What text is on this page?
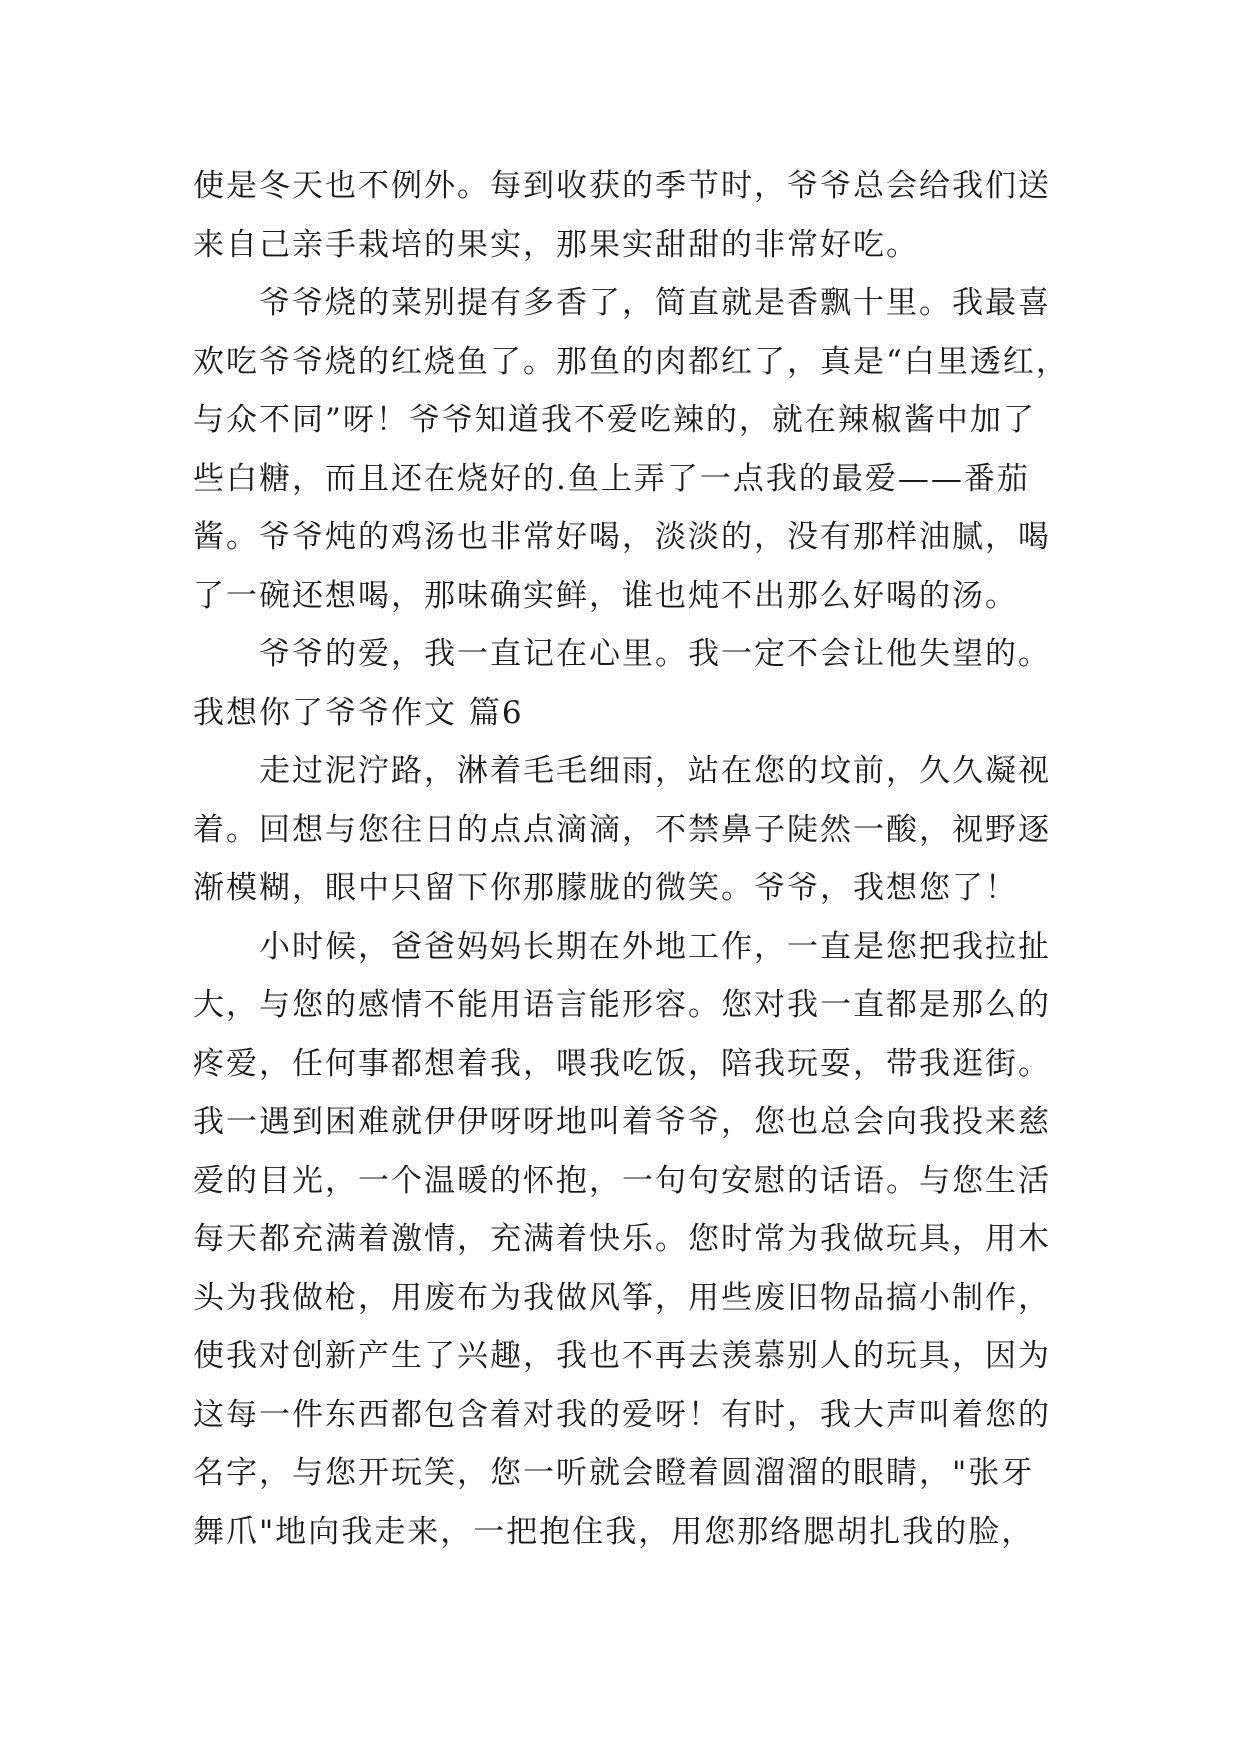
使是冬天也不例外。每到收获的季节时，爷爷总会给我们送
来自己亲手栽培的果实，那果实甜甜的非常好吃。
爷爷烧的菜别提有多香了，简直就是香飘十里。我最喜
欢吃爷爷烧的红烧鱼了。那鱼的肉都红了，真是“白里透红，
与众不同”呀！爷爷知道我不爱吃辣的，就在辣椒酱中加了
些白糖，而且还在烧好的.鱼上弄了一点我的最爱——番茄
酱。爷爷炖的鸡汤也非常好喝，淡淡的，没有那样油腻，喝
了一碗还想喝，那味确实鲜，谁也炖不出那么好喝的汤。
爷爷的爱，我一直记在心里。我一定不会让他失望的。
我想你了爷爷作文 篇6
走过泥泞路，淋着毛毛细雨，站在您的坟前，久久凝视
着。回想与您往日的点点滴滴，不禁鼻子陡然一酸，视野逐
渐模糊，眼中只留下你那朦胧的微笑。爷爷，我想您了！
小时候，爸爸妈妈长期在外地工作，一直是您把我拉扯
大，与您的感情不能用语言能形容。您对我一直都是那么的
疼爱，任何事都想着我，喂我吃饭，陪我玩耍，带我逛街。
我一遇到困难就伊伊呀呀地叫着爷爷，您也总会向我投来慈
爱的目光，一个温暖的怀抱，一句句安慰的话语。与您生活
每天都充满着激情，充满着快乐。您时常为我做玩具，用木
头为我做枪，用废布为我做风筝，用些废旧物品搞小制作，
使我对创新产生了兴趣，我也不再去羡慕别人的玩具，因为
这每一件东西都包含着对我的爱呀！有时，我大声叫着您的
名字，与您开玩笑，您一听就会瞪着圆溜溜的眼睛，"张牙
舞爪"地向我走来，一把抱住我，用您那络腮胡扎我的脸，
